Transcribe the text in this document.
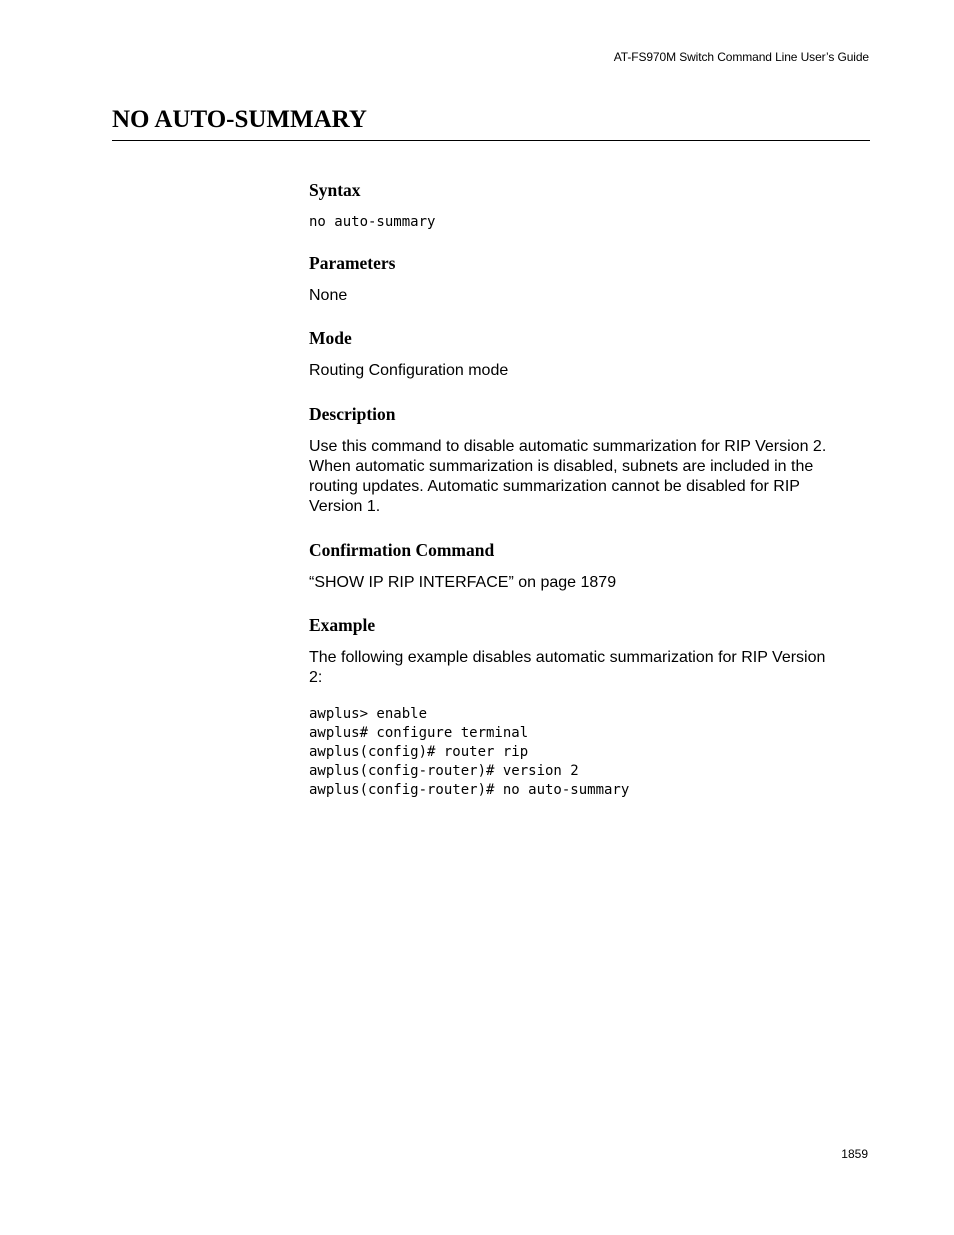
AT-FS970M Switch Command Line User’s Guide
NO AUTO-SUMMARY
Syntax
no auto-summary
Parameters

None

Mode

Routing Configuration mode

Description
Use this command to disable automatic summarization for RIP Version 2.
When automatic summarization is disabled, subnets are included in the
routing updates. Automatic summarization cannot be disabled for RIP
Version 1.
Confirmation Command

“SHOW IP RIP INTERFACE” on page 1879

Example
The following example disables automatic summarization for RIP Version
2:
awplus> enable
awplus# configure terminal
awplus(config)# router rip
awplus(config-router)# version 2
awplus(config-router)# no auto-summary
1859
